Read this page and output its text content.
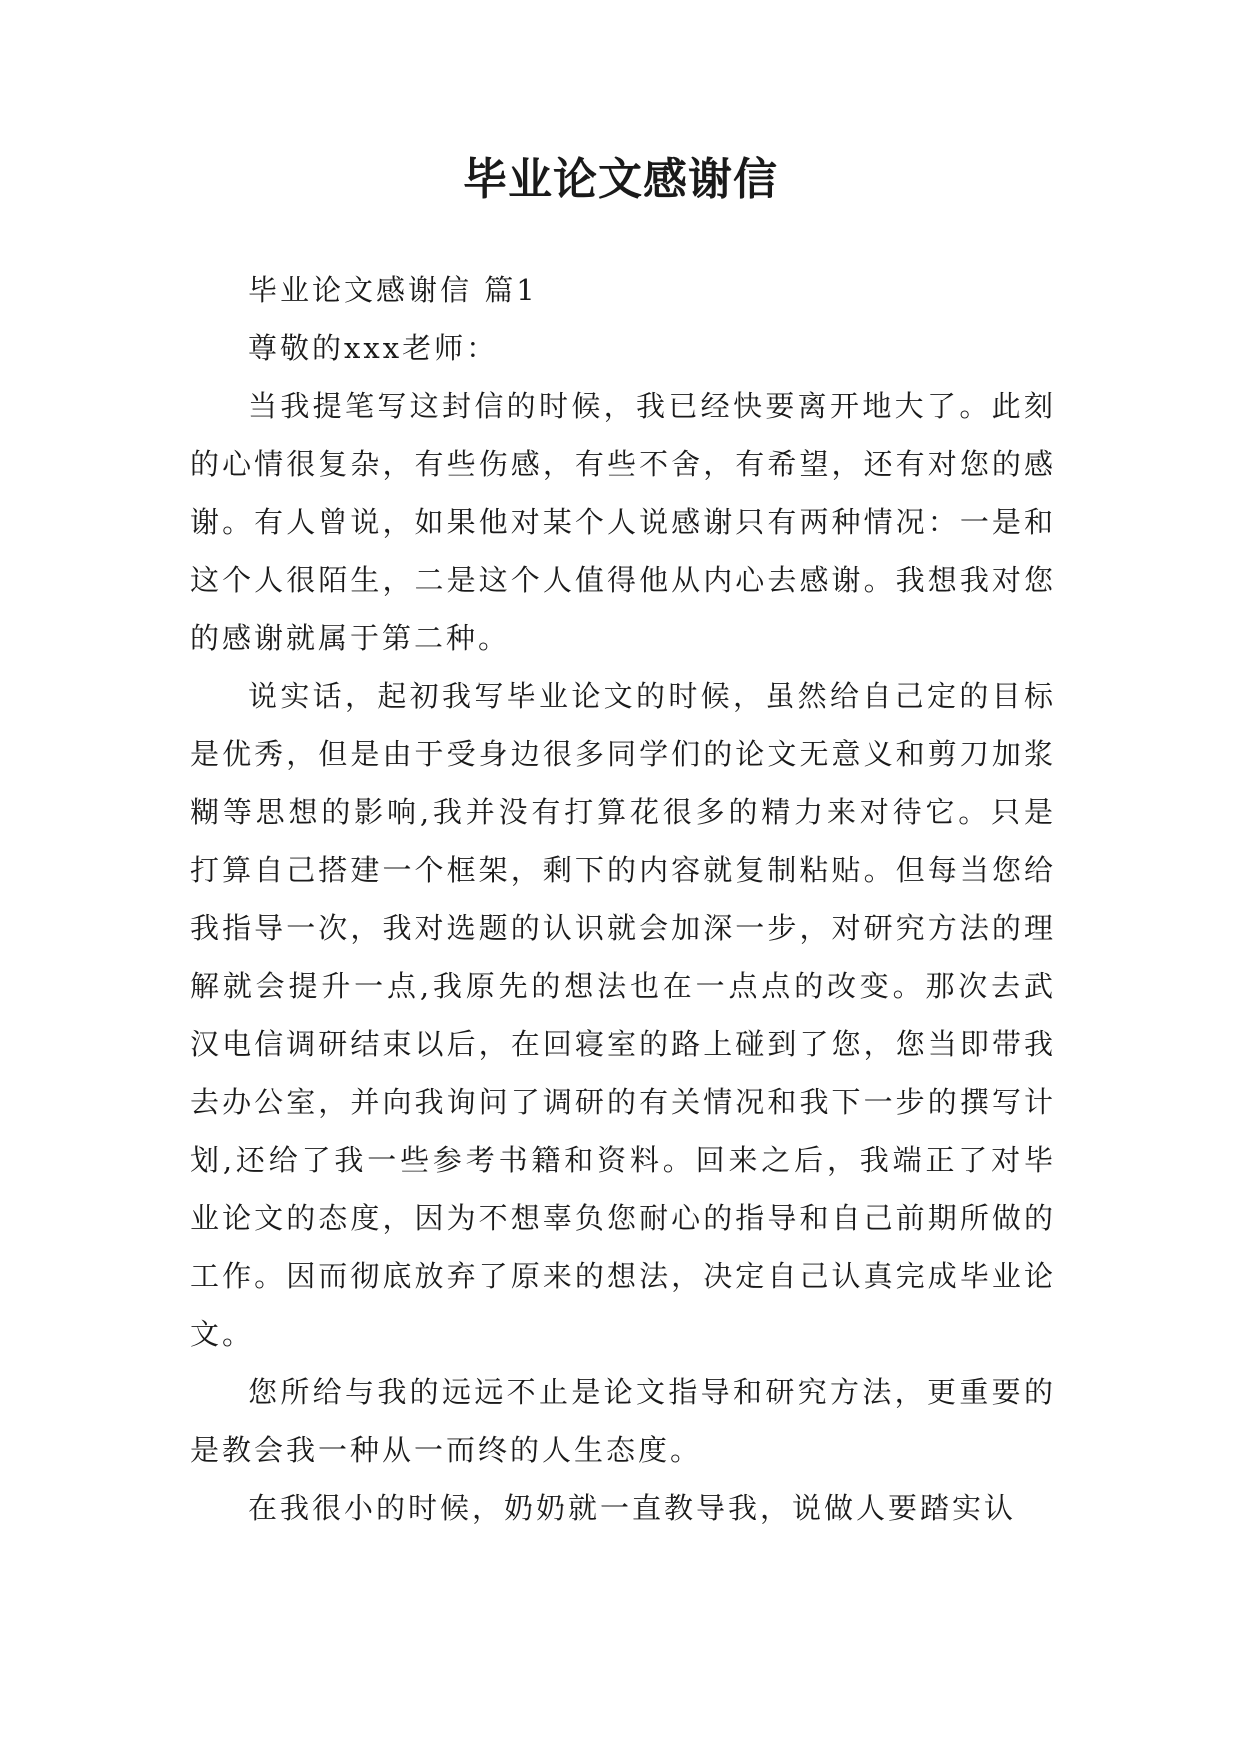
毕业论文感谢信

毕业论文感谢信 篇1

尊敬的xxx老师：

当我提笔写这封信的时候，我已经快要离开地大了。此刻的心情很复杂，有些伤感，有些不舍，有希望，还有对您的感谢。有人曾说，如果他对某个人说感谢只有两种情况：一是和这个人很陌生，二是这个人值得他从内心去感谢。我想我对您的感谢就属于第二种。

说实话，起初我写毕业论文的时候，虽然给自己定的目标是优秀，但是由于受身边很多同学们的论文无意义和剪刀加浆糊等思想的影响,我并没有打算花很多的精力来对待它。只是打算自己搭建一个框架，剩下的内容就复制粘贴。但每当您给我指导一次，我对选题的认识就会加深一步，对研究方法的理解就会提升一点,我原先的想法也在一点点的改变。那次去武汉电信调研结束以后，在回寝室的路上碰到了您，您当即带我去办公室，并向我询问了调研的有关情况和我下一步的撰写计划,还给了我一些参考书籍和资料。回来之后，我端正了对毕业论文的态度，因为不想辜负您耐心的指导和自己前期所做的工作。因而彻底放弃了原来的想法，决定自己认真完成毕业论文。

您所给与我的远远不止是论文指导和研究方法，更重要的是教会我一种从一而终的人生态度。

在我很小的时候，奶奶就一直教导我，说做人要踏实认
